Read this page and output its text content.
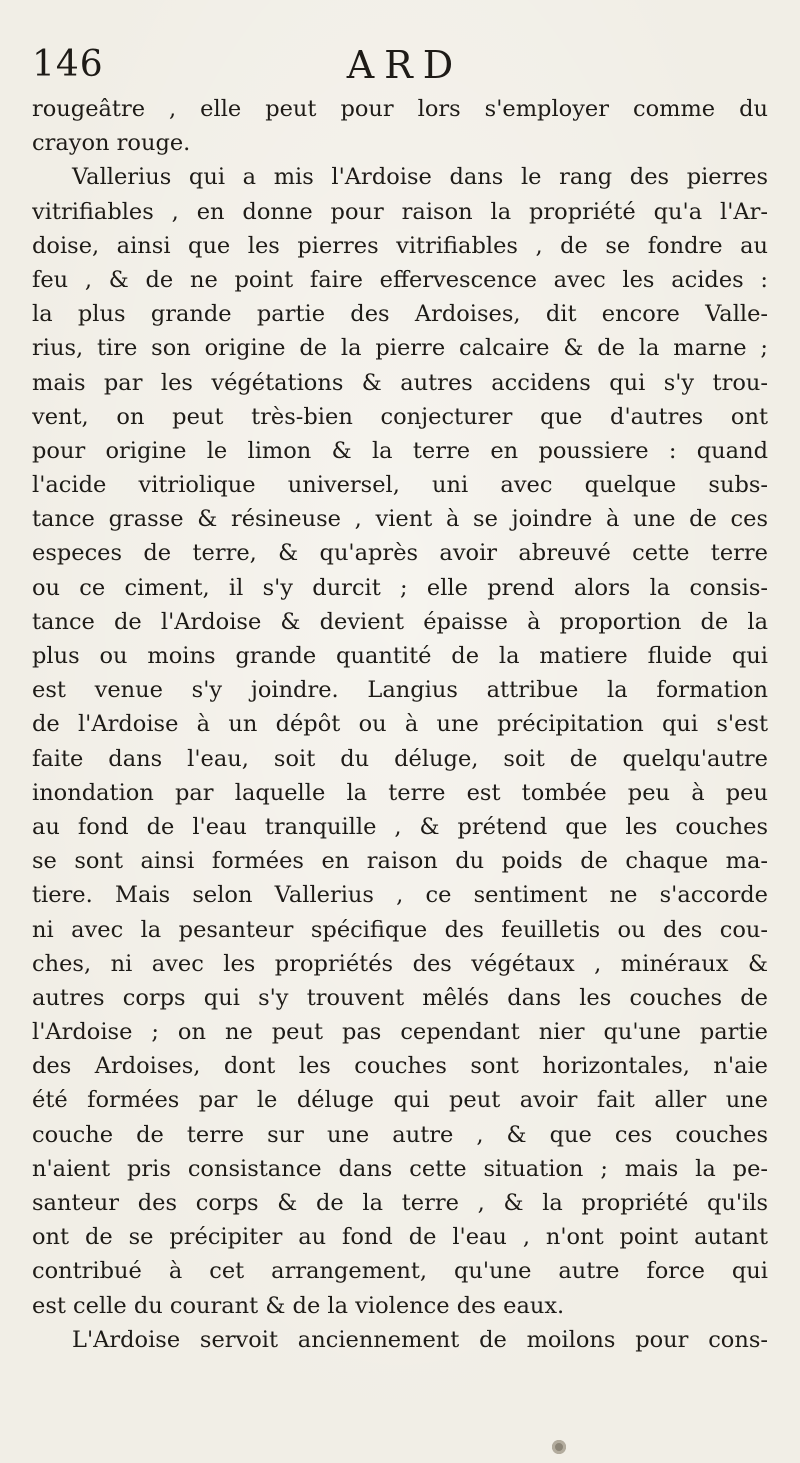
146	ARD
rougeâtre , elle peut pour lors s'employer comme du
crayon rouge.
Vallerius qui a mis l'Ardoise dans le rang des pierres
vitrifiables , en donne pour raison la propriété qu'a l'Ar-
doise, ainsi que les pierres vitrifiables , de se fondre au
feu , & de ne point faire effervescence avec les acides :
la plus grande partie des Ardoises, dit encore Valle-
rius, tire son origine de la pierre calcaire & de la marne ;
mais par les végétations & autres accidens qui s'y trou-
vent, on peut très-bien conjecturer que d'autres ont
pour origine le limon & la terre en poussiere : quand
l'acide vitriolique universel, uni avec quelque subs-
tance grasse & résineuse , vient à se joindre à une de ces
especes de terre, & qu'après avoir abreuvé cette terre
ou ce ciment, il s'y durcit ; elle prend alors la consis-
tance de l'Ardoise & devient épaisse à proportion de la
plus ou moins grande quantité de la matiere fluide qui
est venue s'y joindre. Langius attribue la formation
de l'Ardoise à un dépôt ou à une précipitation qui s'est
faite dans l'eau, soit du déluge, soit de quelqu'autre
inondation par laquelle la terre est tombée peu à peu
au fond de l'eau tranquille , & prétend que les couches
se sont ainsi formées en raison du poids de chaque ma-
tiere. Mais selon Vallerius , ce sentiment ne s'accorde
ni avec la pesanteur spécifique des feuilletis ou des cou-
ches, ni avec les propriétés des végétaux , minéraux &
autres corps qui s'y trouvent mêlés dans les couches de
l'Ardoise ; on ne peut pas cependant nier qu'une partie
des Ardoises, dont les couches sont horizontales, n'aie
été formées par le déluge qui peut avoir fait aller une
couche de terre sur une autre , & que ces couches
n'aient pris consistance dans cette situation ; mais la pe-
santeur des corps & de la terre , & la propriété qu'ils
ont de se précipiter au fond de l'eau , n'ont point autant
contribué à cet arrangement, qu'une autre force qui
est celle du courant & de la violence des eaux.
L'Ardoise servoit anciennement de moilons pour cons-
